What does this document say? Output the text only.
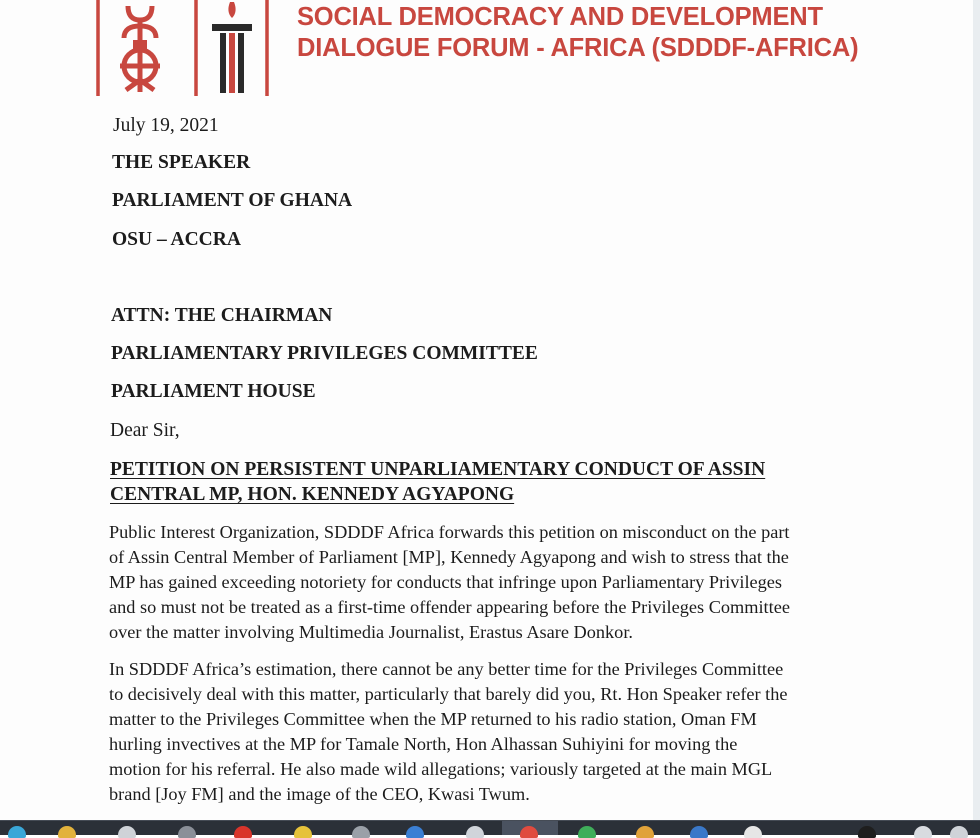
SOCIAL DEMOCRACY AND DEVELOPMENT
DIALOGUE FORUM - AFRICA (SDDDF-AFRICA)
July 19, 2021
THE SPEAKER
PARLIAMENT OF GHANA
OSU – ACCRA
ATTN: THE CHAIRMAN
PARLIAMENTARY PRIVILEGES COMMITTEE
PARLIAMENT HOUSE
Dear Sir,
PETITION ON PERSISTENT UNPARLIAMENTARY CONDUCT OF ASSIN
CENTRAL MP, HON. KENNEDY AGYAPONG
Public Interest Organization, SDDDF Africa forwards this petition on misconduct on the part
of Assin Central Member of Parliament [MP], Kennedy Agyapong and wish to stress that the
MP has gained exceeding notoriety for conducts that infringe upon Parliamentary Privileges
and so must not be treated as a first-time offender appearing before the Privileges Committee
over the matter involving Multimedia Journalist, Erastus Asare Donkor.
In SDDDF Africa’s estimation, there cannot be any better time for the Privileges Committee
to decisively deal with this matter, particularly that barely did you, Rt. Hon Speaker refer the
matter to the Privileges Committee when the MP returned to his radio station, Oman FM
hurling invectives at the MP for Tamale North, Hon Alhassan Suhiyini for moving the
motion for his referral. He also made wild allegations; variously targeted at the main MGL
brand [Joy FM] and the image of the CEO, Kwasi Twum.
